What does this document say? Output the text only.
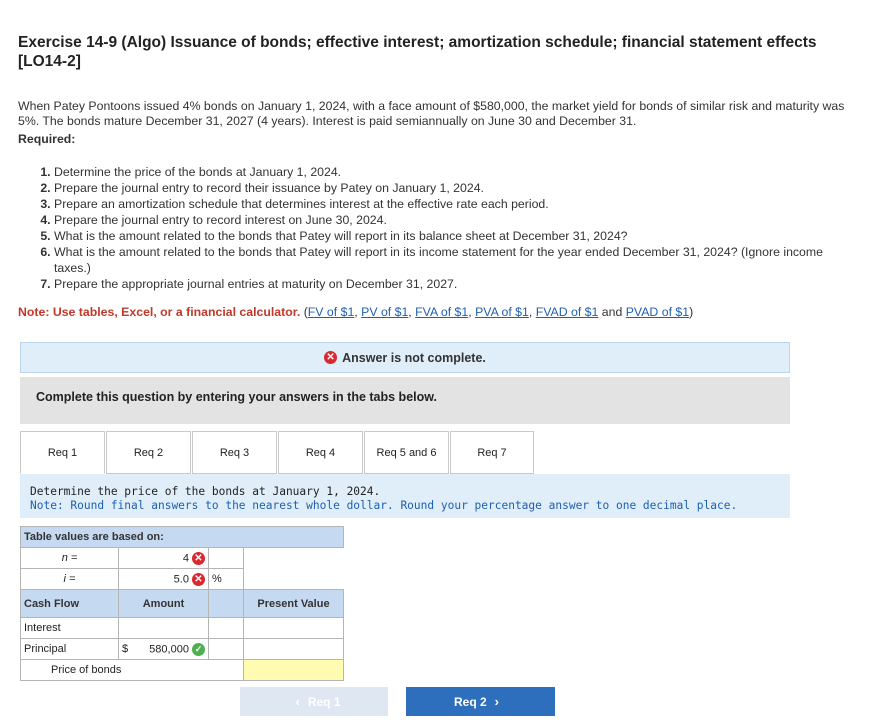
Exercise 14-9 (Algo) Issuance of bonds; effective interest; amortization schedule; financial statement effects [LO14-2]
When Patey Pontoons issued 4% bonds on January 1, 2024, with a face amount of $580,000, the market yield for bonds of similar risk and maturity was 5%. The bonds mature December 31, 2027 (4 years). Interest is paid semiannually on June 30 and December 31.
Required:
1. Determine the price of the bonds at January 1, 2024.
2. Prepare the journal entry to record their issuance by Patey on January 1, 2024.
3. Prepare an amortization schedule that determines interest at the effective rate each period.
4. Prepare the journal entry to record interest on June 30, 2024.
5. What is the amount related to the bonds that Patey will report in its balance sheet at December 31, 2024?
6. What is the amount related to the bonds that Patey will report in its income statement for the year ended December 31, 2024? (Ignore income taxes.)
7. Prepare the appropriate journal entries at maturity on December 31, 2027.
Note: Use tables, Excel, or a financial calculator. (FV of $1, PV of $1, FVA of $1, PVA of $1, FVAD of $1 and PVAD of $1)
✕ Answer is not complete.
Complete this question by entering your answers in the tabs below.
Req 1	Req 2	Req 3	Req 4	Req 5 and 6	Req 7
Determine the price of the bonds at January 1, 2024.
Note: Round final answers to the nearest whole dollar. Round your percentage answer to one decimal place.
Table values are based on:			
n =	4 ✕		
i =	5.0 ✕	%	
Cash Flow	Amount		Present Value
Interest			
Principal	$ 580,000 ✓		

Price of bonds			
‹ Req 1	Req 2 ›
